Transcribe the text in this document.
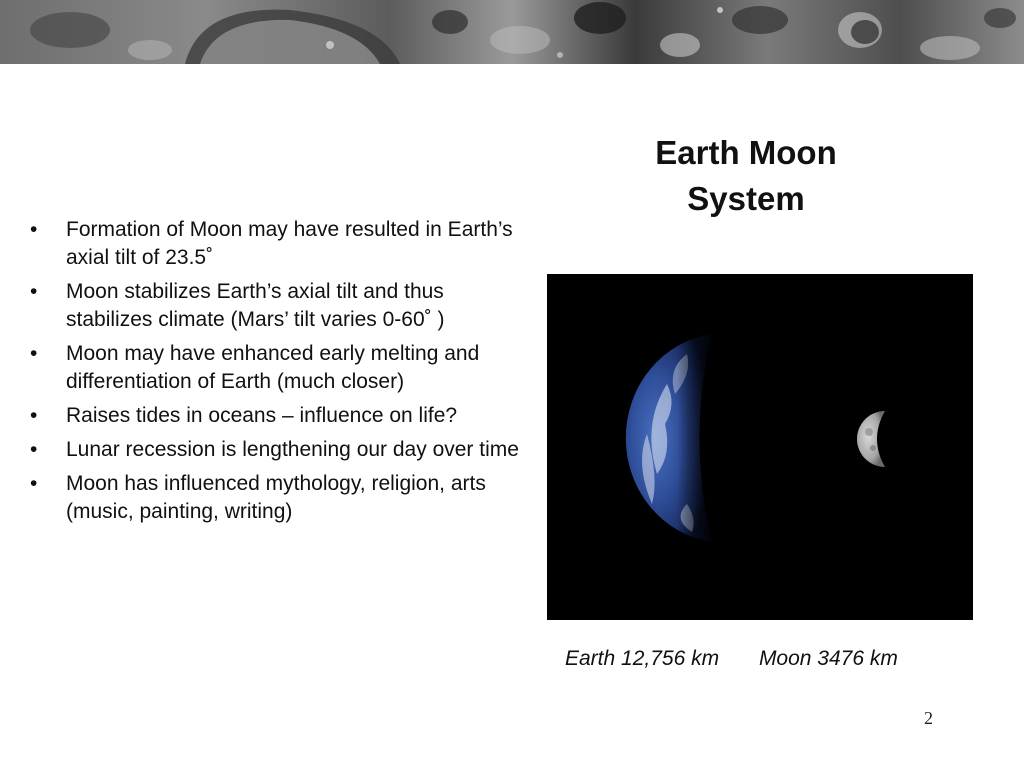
Earth Moon
System
• Formation of Moon may have resulted in Earth’s axial tilt of 23.5˚
• Moon stabilizes Earth’s axial tilt and thus stabilizes climate (Mars’ tilt varies 0-60˚ )
• Moon may have enhanced early melting and differentiation of Earth (much closer)
• Raises tides in oceans – influence on life?
• Lunar recession is lengthening our day over time
• Moon has influenced mythology, religion, arts (music, painting, writing)
Earth 12,756 km Moon 3476 km
2
